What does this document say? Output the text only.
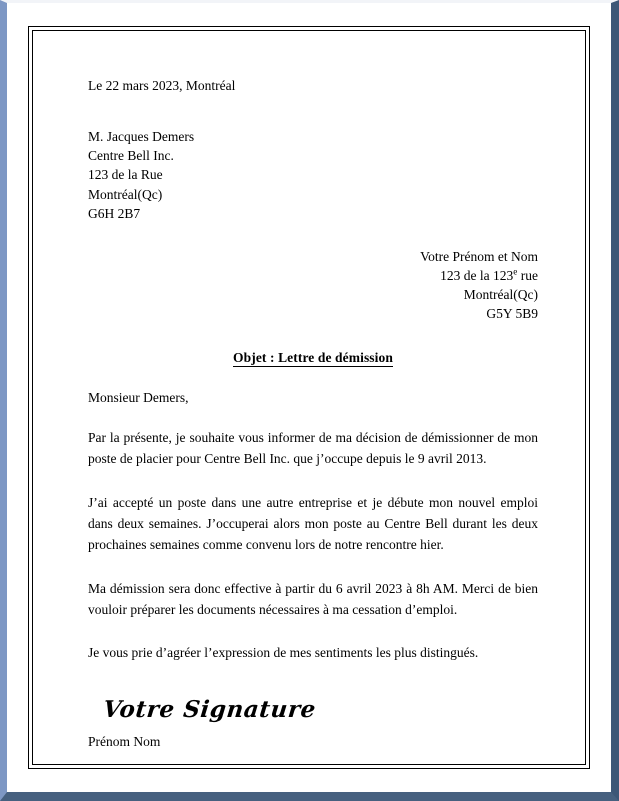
Le 22 mars 2023, Montréal

M. Jacques Demers

Centre Bell Inc.

123 de la Rue

Montréal(Qc)

G6H 2B7

Votre Prénom et Nom

123 de la 123e rue

Montréal(Qc)

G5Y 5B9

Objet : Lettre de démission

Monsieur Demers,

Par la présente, je souhaite vous informer de ma décision de démissionner de mon poste de placier pour Centre Bell Inc. que j’occupe depuis le 9 avril 2013.

J’ai accepté un poste dans une autre entreprise et je débute mon nouvel emploi dans deux semaines. J’occuperai alors mon poste au Centre Bell durant les deux prochaines semaines comme convenu lors de notre rencontre hier.

Ma démission sera donc effective à partir du 6 avril 2023 à 8h AM. Merci de bien vouloir préparer les documents nécessaires à ma cessation d’emploi.

Je vous prie d’agréer l’expression de mes sentiments les plus distingués.

Votre Signature

Prénom Nom
